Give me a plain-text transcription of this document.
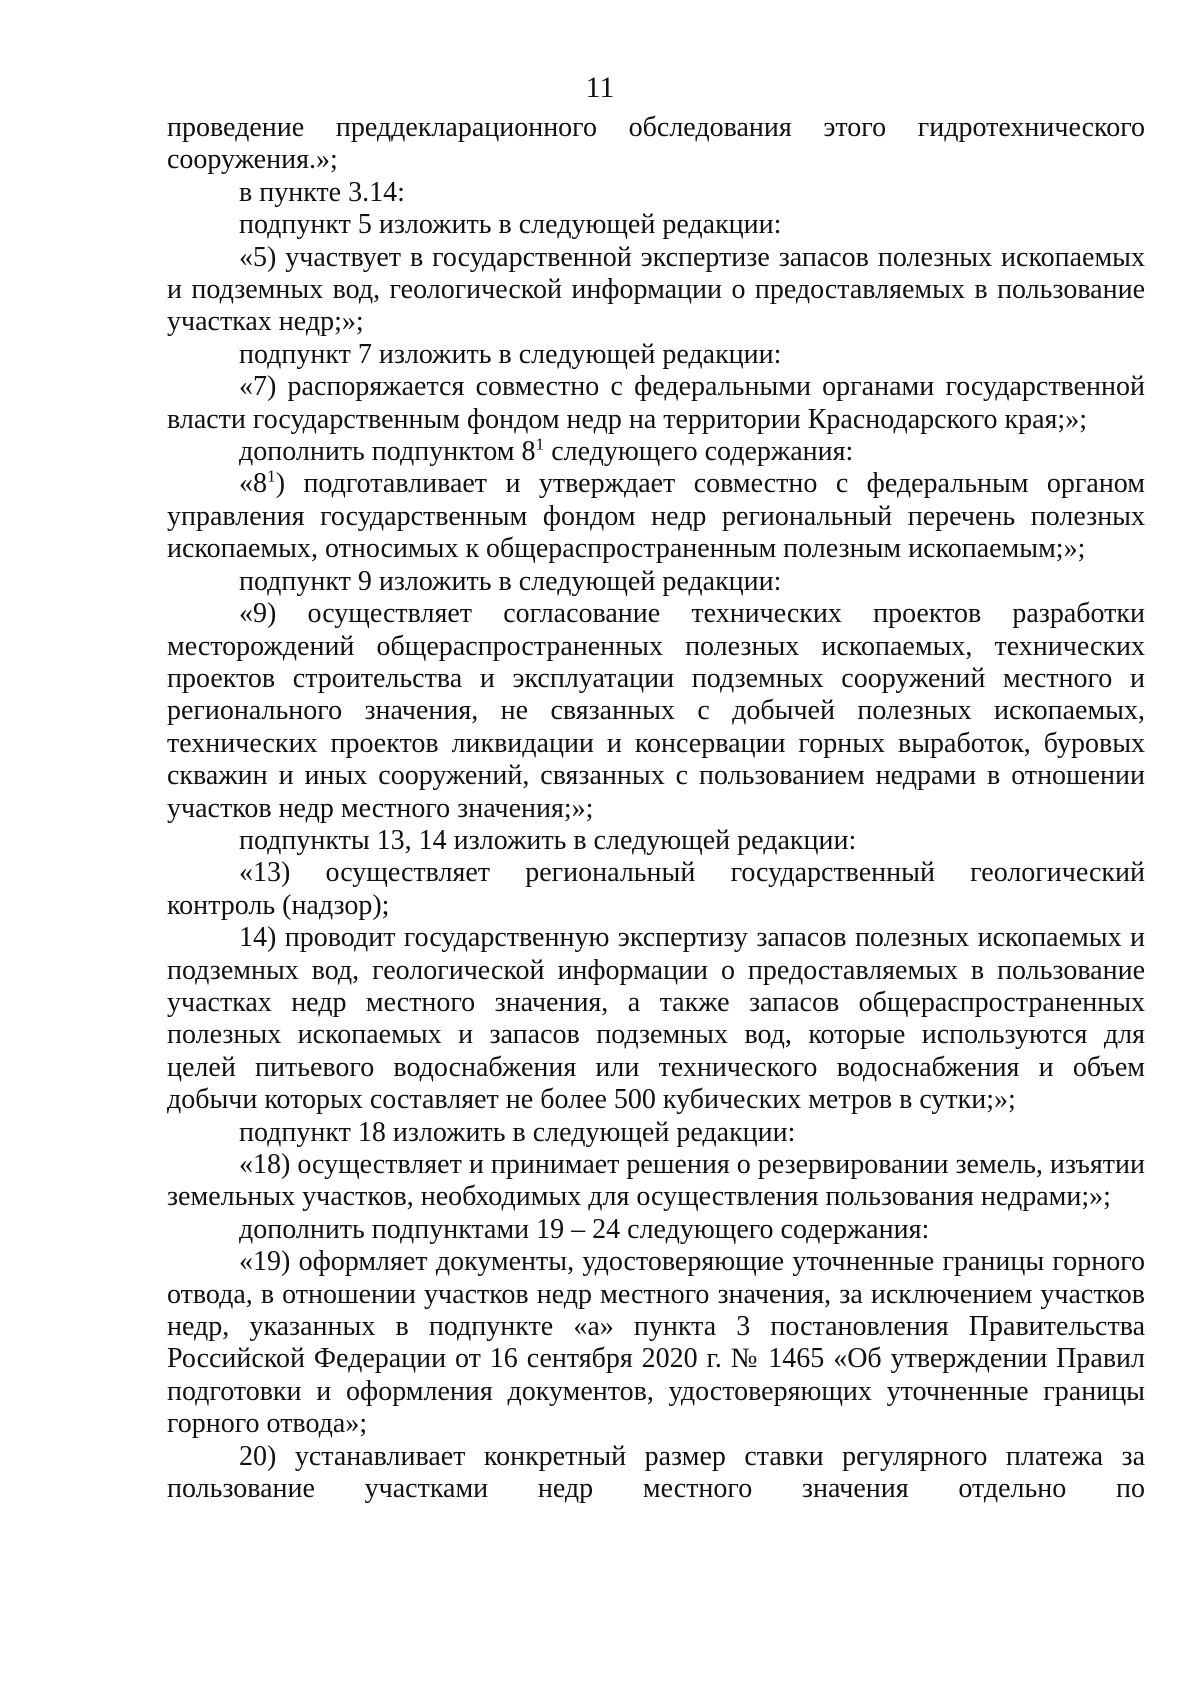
11

проведение преддекларационного обследования этого гидротехнического сооружения.»;

в пункте 3.14:

подпункт 5 изложить в следующей редакции:

«5) участвует в государственной экспертизе запасов полезных ископаемых и подземных вод, геологической информации о предоставляемых в пользование участках недр;»;

подпункт 7 изложить в следующей редакции:

«7) распоряжается совместно с федеральными органами государственной власти государственным фондом недр на территории Краснодарского края;»;

дополнить подпунктом $8^1$ следующего содержания:

«$8^1$) подготавливает и утверждает совместно с федеральным органом управления государственным фондом недр региональный перечень полезных ископаемых, относимых к общераспространенным полезным ископаемым;»;

подпункт 9 изложить в следующей редакции:

«9) осуществляет согласование технических проектов разработки месторождений общераспространенных полезных ископаемых, технических проектов строительства и эксплуатации подземных сооружений местного и регионального значения, не связанных с добычей полезных ископаемых, технических проектов ликвидации и консервации горных выработок, буровых скважин и иных сооружений, связанных с пользованием недрами в отношении участков недр местного значения;»;

подпункты 13, 14 изложить в следующей редакции:

«13) осуществляет региональный государственный геологический контроль (надзор);

14) проводит государственную экспертизу запасов полезных ископаемых и подземных вод, геологической информации о предоставляемых в пользование участках недр местного значения, а также запасов общераспространенных полезных ископаемых и запасов подземных вод, которые используются для целей питьевого водоснабжения или технического водоснабжения и объем добычи которых составляет не более 500 кубических метров в сутки;»;

подпункт 18 изложить в следующей редакции:

«18) осуществляет и принимает решения о резервировании земель, изъятии земельных участков, необходимых для осуществления пользования недрами;»;

дополнить подпунктами 19 – 24 следующего содержания:

«19) оформляет документы, удостоверяющие уточненные границы горного отвода, в отношении участков недр местного значения, за исключением участков недр, указанных в подпункте «а» пункта 3 постановления Правительства Российской Федерации от 16 сентября 2020 г. № 1465 «Об утверждении Правил подготовки и оформления документов, удостоверяющих уточненные границы горного отвода»;

20) устанавливает конкретный размер ставки регулярного платежа за пользование участками недр местного значения отдельно по
